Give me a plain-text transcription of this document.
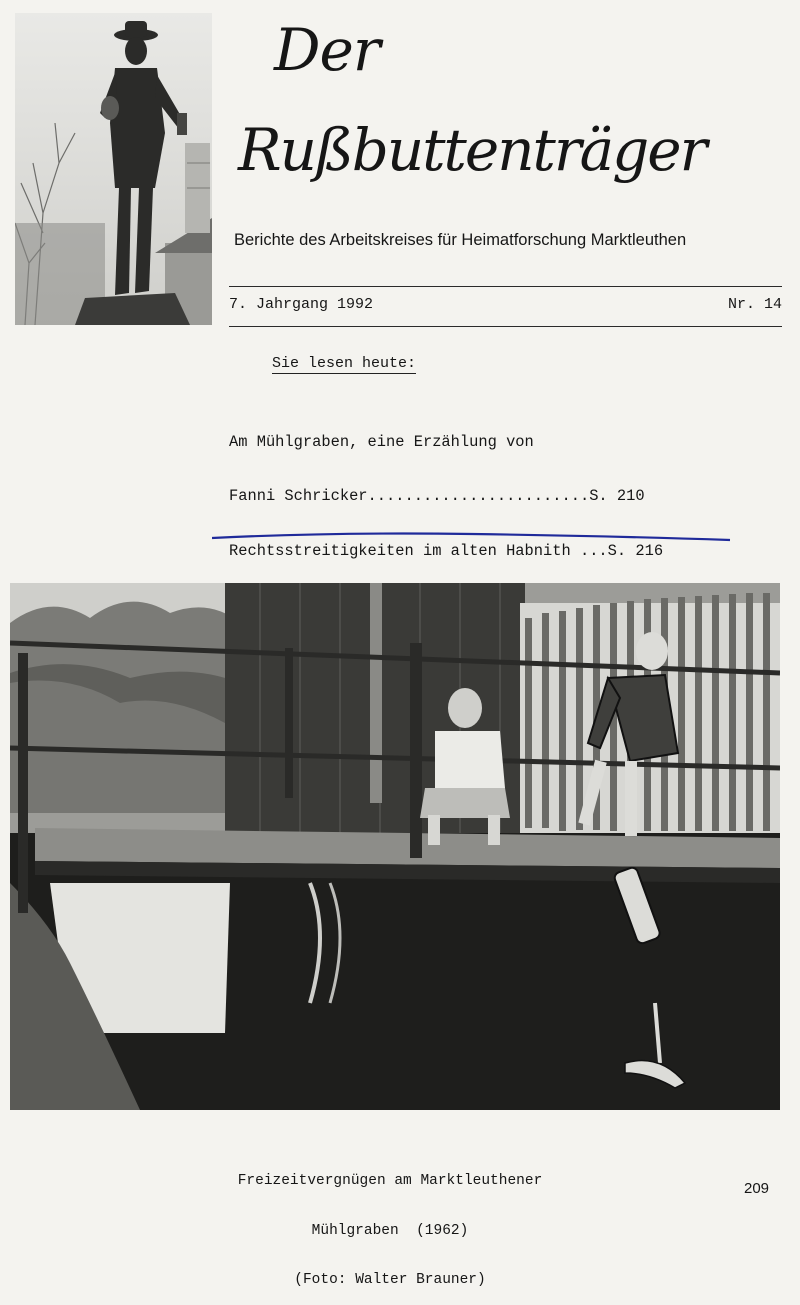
Der
Rußbuttenträger
Berichte des Arbeitskreises für Heimatforschung Marktleuthen
7. Jahrgang 1992	Nr. 14
Sie lesen heute:

Am Mühlgraben, eine Erzählung von

Fanni Schricker........................S. 210

Rechtsstreitigkeiten im alten Habnith ...S. 216

Freizeitvergnügen am Marktleuthener

Mühlgraben  (1962)

(Foto: Walter Brauner)

209
